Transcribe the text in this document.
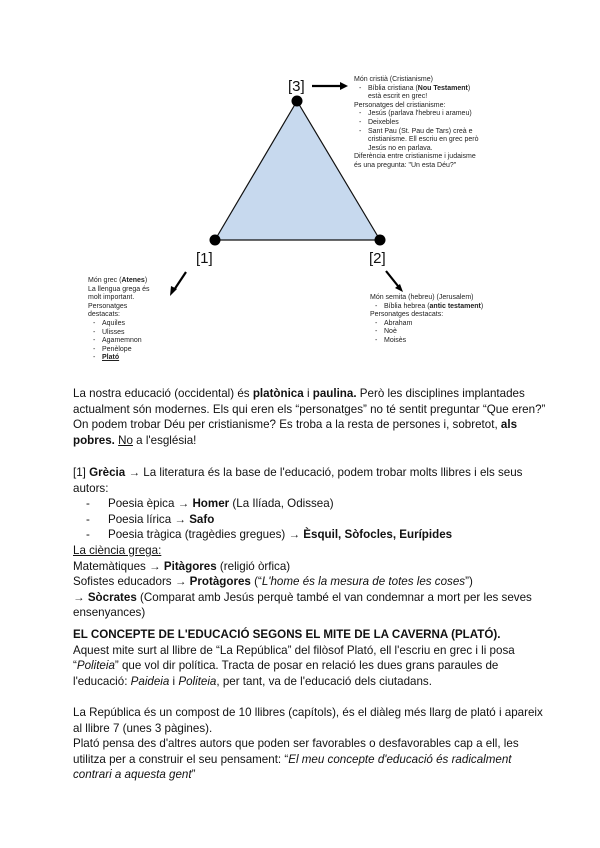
[3]
[1]	[2]
Món cristià (Cristianisme)
- Bíblia cristiana (Nou Testament)
està escrit en grec!
Personatges del cristianisme:
- Jesús (parlava l'hebreu i arameu)
- Deixebles
- Sant Pau (St. Pau de Tars) creà e
cristianisme. Ell escriu en grec però
Jesús no en parlava.
Diferència entre cristianisme i judaisme
és una pregunta: "Un esta Déu?"
Món grec (Atenes)
La llengua grega és
molt important.
Personatges
destacats:
- Aquiles
- Ulisses
- Agamemnon
- Penèlope
- Plató
Món semita (hebreu) (Jerusalem)
- Bíblia hebrea (antic testament)
Personatges destacats:
- Abraham
- Noè
- Moisès
La nostra educació (occidental) és platònica i paulina. Però les disciplines implantades
actualment són modernes. Els qui eren els “personatges” no té sentit preguntar “Que eren?”
On podem trobar Déu per cristianisme? Es troba a la resta de persones i, sobretot, als
pobres. No a l'església!
[1] Grècia → La literatura és la base de l'educació, podem trobar molts llibres i els seus
autors:
- Poesia èpica → Homer (La Ilíada, Odissea)
- Poesia lírica → Safo
- Poesia tràgica (tragèdies gregues) → Èsquil, Sòfocles, Eurípides
La ciència grega:
Matemàtiques → Pitàgores (religió òrfica)
Sofistes educadors → Protàgores (“L'home és la mesura de totes les coses”)
→ Sòcrates (Comparat amb Jesús perquè també el van condemnar a mort per les seves
ensenyances)
EL CONCEPTE DE L'EDUCACIÓ SEGONS EL MITE DE LA CAVERNA (PLATÓ).
Aquest mite surt al llibre de “La República” del filòsof Plató, ell l'escriu en grec i li posa
“Politeia” que vol dir política. Tracta de posar en relació les dues grans paraules de
l'educació: Paideia i Politeia, per tant, va de l'educació dels ciutadans.
La República és un compost de 10 llibres (capítols), és el diàleg més llarg de plató i apareix
al llibre 7 (unes 3 pàgines).
Plató pensa des d'altres autors que poden ser favorables o desfavorables cap a ell, les
utilitza per a construir el seu pensament: “El meu concepte d'educació és radicalment
contrari a aquesta gent”
